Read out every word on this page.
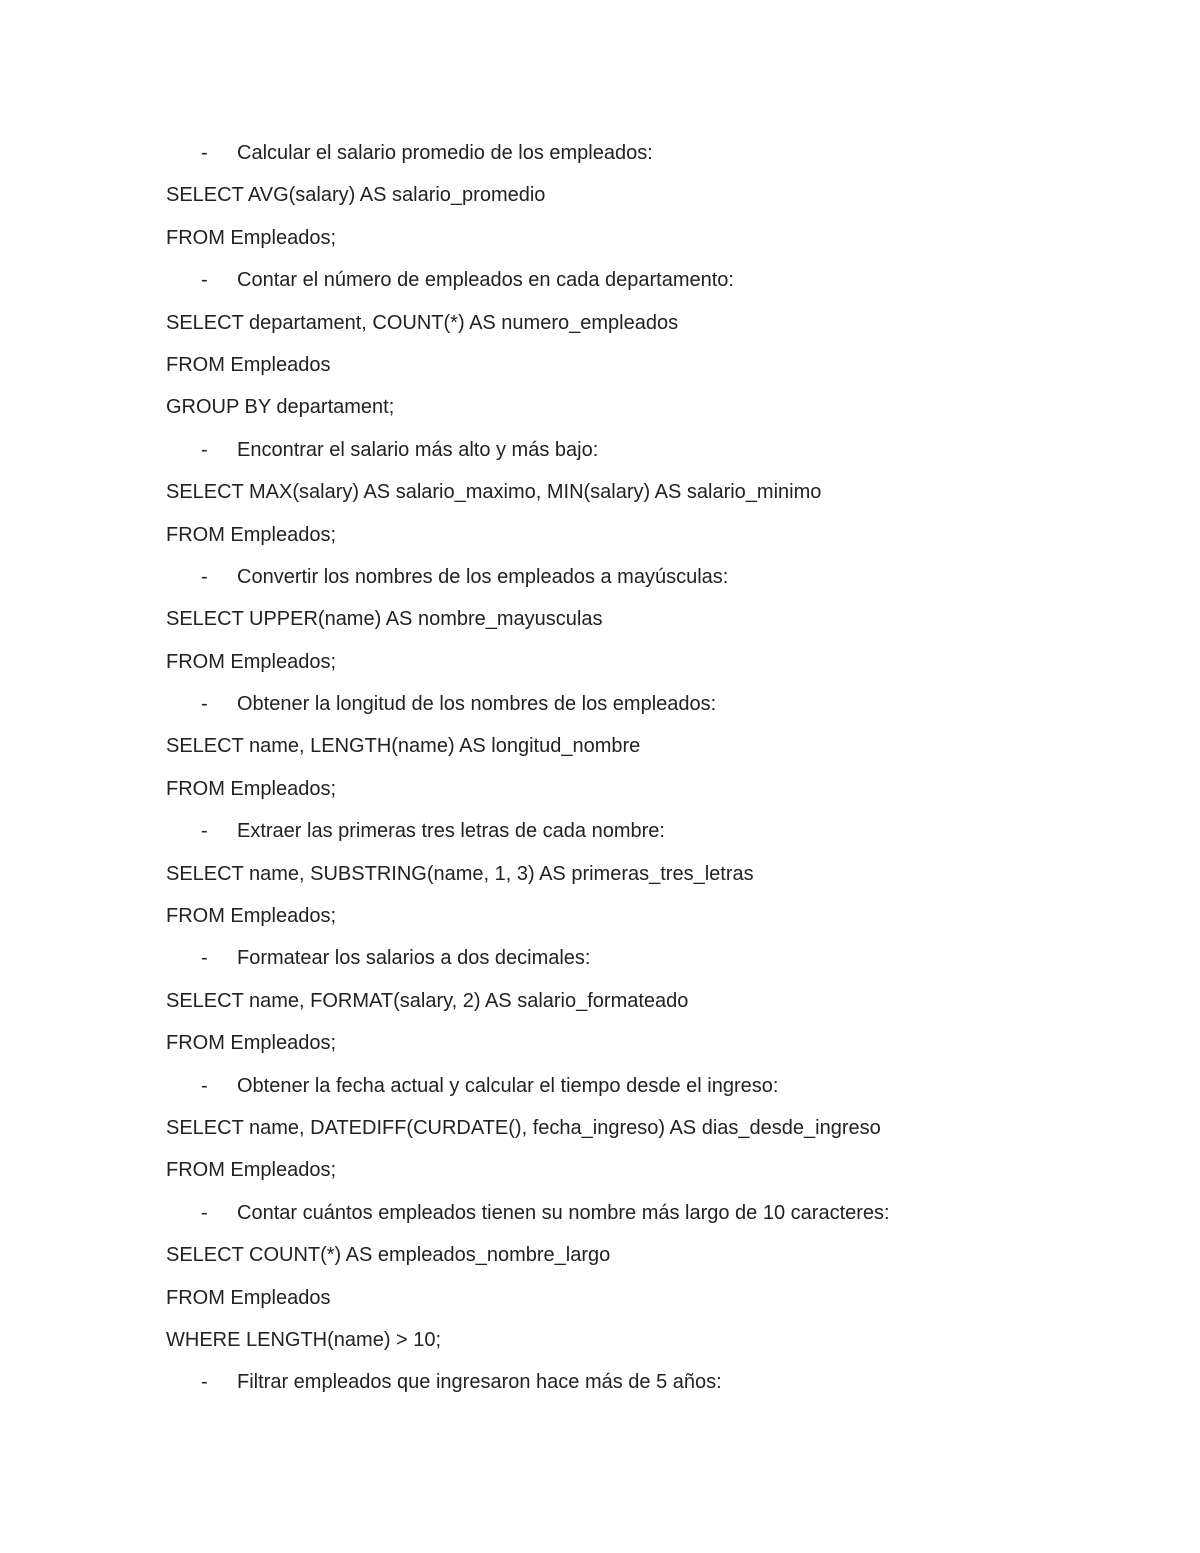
-	Calcular el salario promedio de los empleados:
SELECT AVG(salary) AS salario_promedio
FROM Empleados;
-	Contar el número de empleados en cada departamento:
SELECT departament, COUNT(*) AS numero_empleados
FROM Empleados
GROUP BY departament;
-	Encontrar el salario más alto y más bajo:
SELECT MAX(salary) AS salario_maximo, MIN(salary) AS salario_minimo
FROM Empleados;
-	Convertir los nombres de los empleados a mayúsculas:
SELECT UPPER(name) AS nombre_mayusculas
FROM Empleados;
-	Obtener la longitud de los nombres de los empleados:
SELECT name, LENGTH(name) AS longitud_nombre
FROM Empleados;
-	Extraer las primeras tres letras de cada nombre:
SELECT name, SUBSTRING(name, 1, 3) AS primeras_tres_letras
FROM Empleados;
-	Formatear los salarios a dos decimales:
SELECT name, FORMAT(salary, 2) AS salario_formateado
FROM Empleados;
-	Obtener la fecha actual y calcular el tiempo desde el ingreso:
SELECT name, DATEDIFF(CURDATE(), fecha_ingreso) AS dias_desde_ingreso
FROM Empleados;
-	Contar cuántos empleados tienen su nombre más largo de 10 caracteres:
SELECT COUNT(*) AS empleados_nombre_largo
FROM Empleados
WHERE LENGTH(name) > 10;
-	Filtrar empleados que ingresaron hace más de 5 años:
